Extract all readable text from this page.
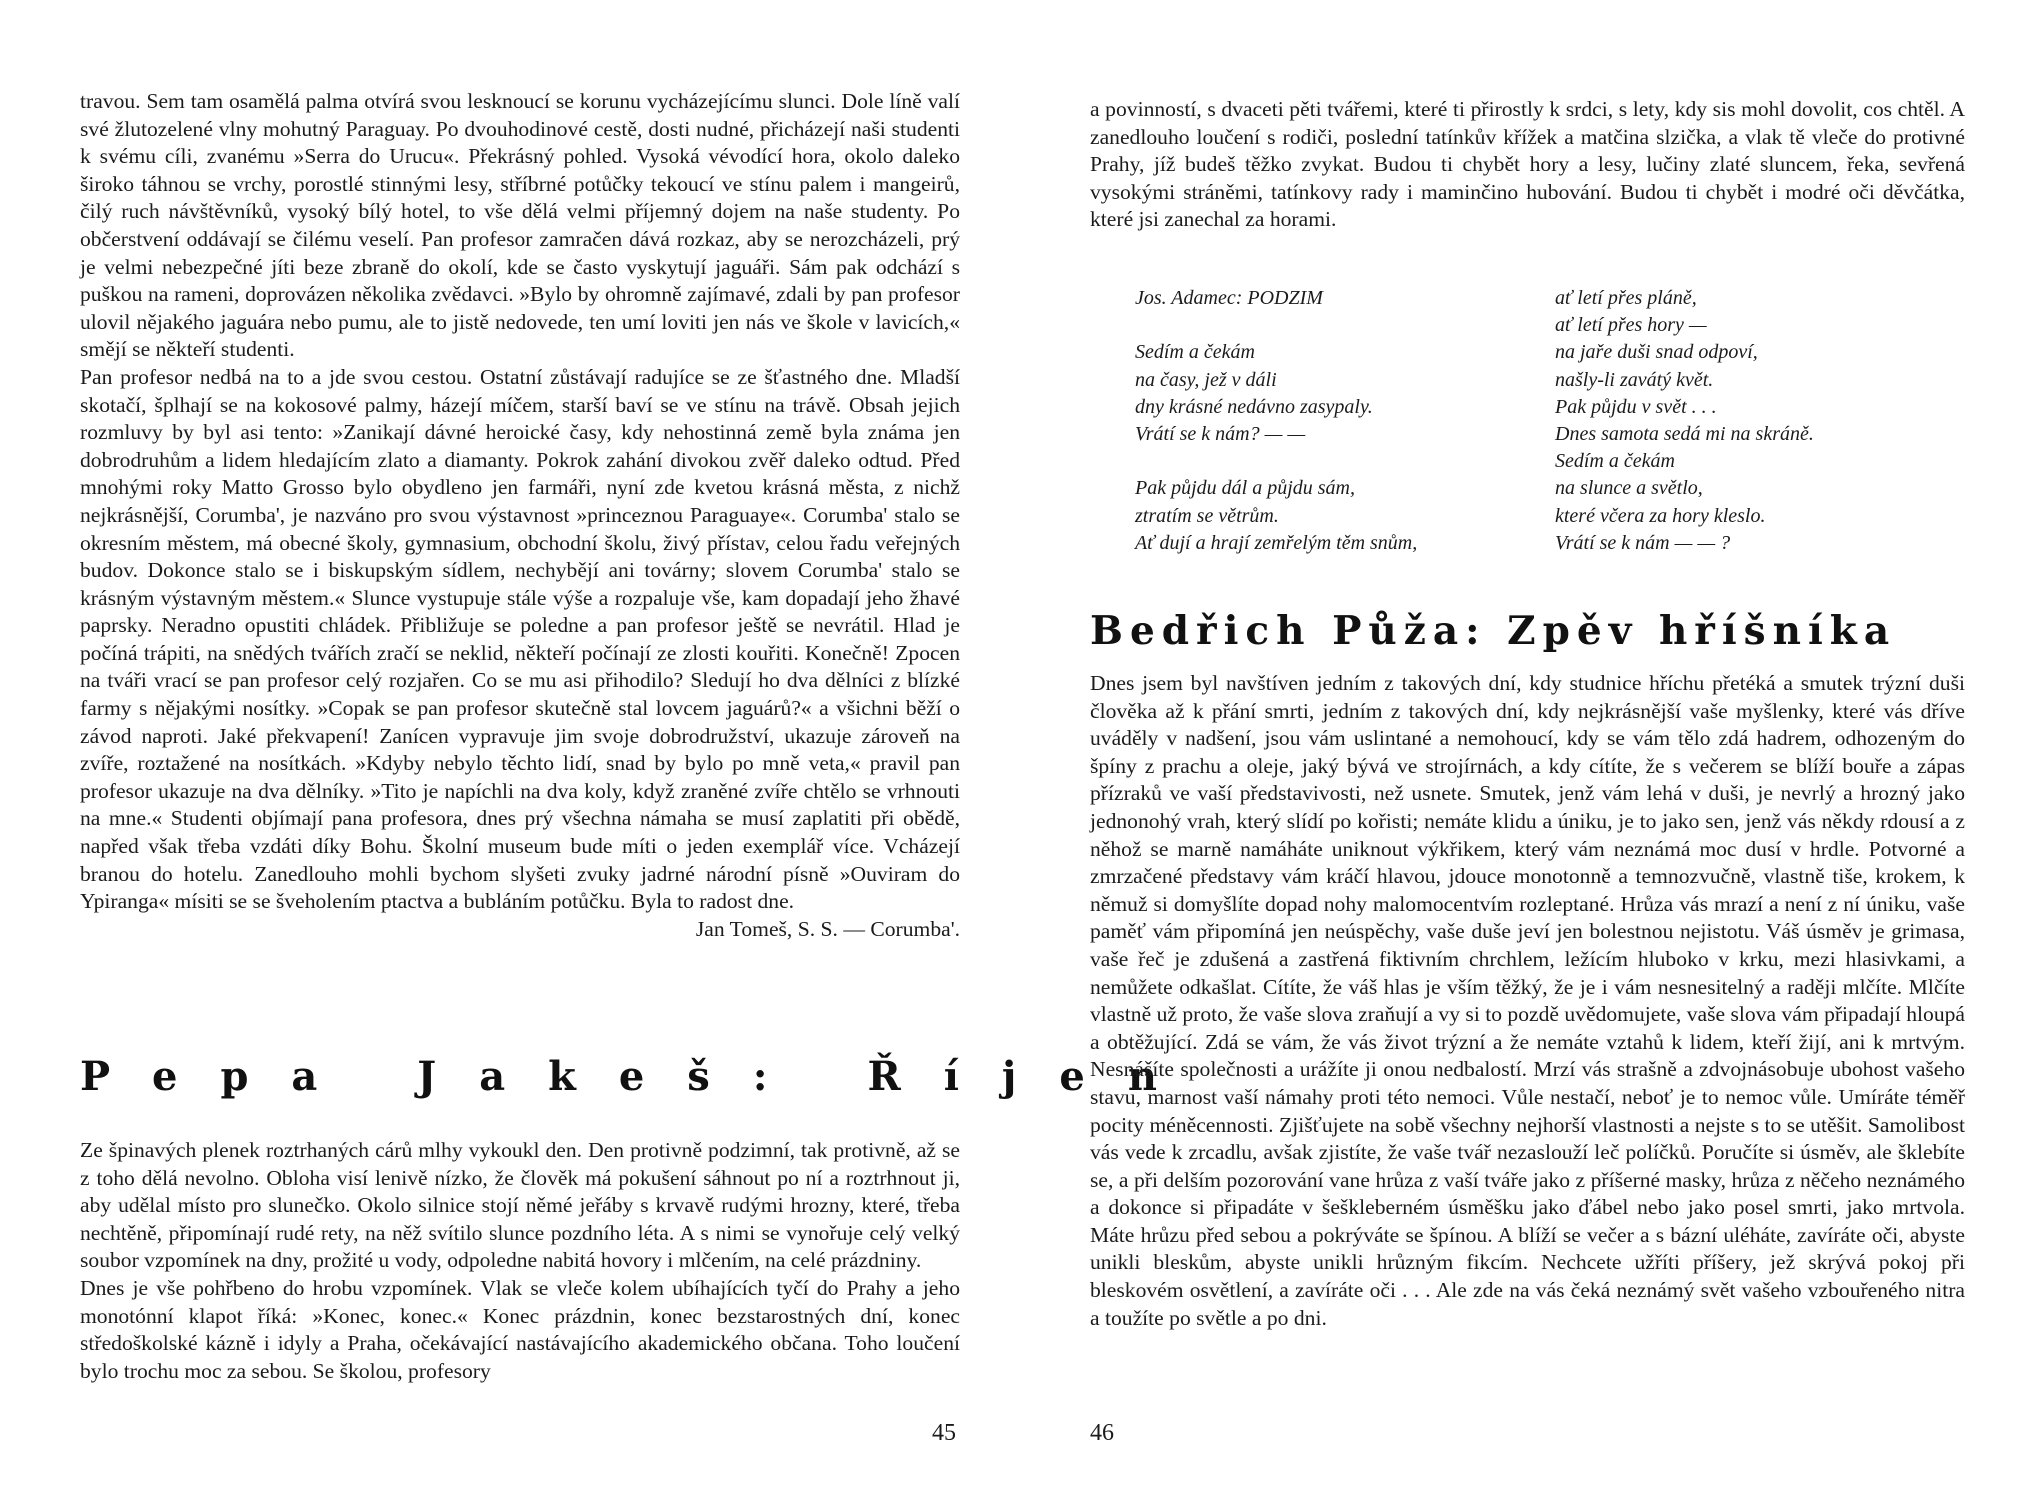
travou. Sem tam osamělá palma otvírá svou lesknoucí se korunu vycházejícímu slunci. Dole líně valí své žlutozelené vlny mohutný Paraguay. Po dvouhodinové cestě, dosti nudné, přicházejí naši studenti k svému cíli, zvanému »Serra do Urucu«. Překrásný pohled. Vysoká vévodící hora, okolo daleko široko táhnou se vrchy, porostlé stinnými lesy, stříbrné potůčky tekoucí ve stínu palem i mangeirů, čilý ruch návštěvníků, vysoký bílý hotel, to vše dělá velmi příjemný dojem na naše studenty. Po občerstvení oddávají se čilému veselí. Pan profesor zamračen dává rozkaz, aby se nerozcházeli, prý je velmi nebezpečné jíti beze zbraně do okolí, kde se často vyskytují jaguáři. Sám pak odchází s puškou na rameni, doprovázen několika zvědavci. »Bylo by ohromně zajímavé, zdali by pan profesor ulovil nějakého jaguára nebo pumu, ale to jistě nedovede, ten umí loviti jen nás ve škole v lavicích,« smějí se někteří studenti.

Pan profesor nedbá na to a jde svou cestou. Ostatní zůstávají radujíce se ze šťastného dne. Mladší skotačí, šplhají se na kokosové palmy, házejí míčem, starší baví se ve stínu na trávě. Obsah jejich rozmluvy by byl asi tento: »Zanikají dávné heroické časy, kdy nehostinná země byla známa jen dobrodruhům a lidem hledajícím zlato a diamanty. Pokrok zahání divokou zvěř daleko odtud. Před mnohými roky Matto Grosso bylo obydleno jen farmáři, nyní zde kvetou krásná města, z nichž nejkrásnější, Corumba', je nazváno pro svou výstavnost »princeznou Paraguaye«. Corumba' stalo se okresním městem, má obecné školy, gymnasium, obchodní školu, živý přístav, celou řadu veřejných budov. Dokonce stalo se i biskupským sídlem, nechybějí ani továrny; slovem Corumba' stalo se krásným výstavným městem.« Slunce vystupuje stále výše a rozpaluje vše, kam dopadají jeho žhavé paprsky. Neradno opustiti chládek. Přibližuje se poledne a pan profesor ještě se nevrátil. Hlad je počíná trápiti, na snědých tvářích zračí se neklid, někteří počínají ze zlosti kouřiti. Konečně! Zpocen na tváři vrací se pan profesor celý rozjařen. Co se mu asi přihodilo? Sledují ho dva dělníci z blízké farmy s nějakými nosítky. »Copak se pan profesor skutečně stal lovcem jaguárů?« a všichni běží o závod naproti. Jaké překvapení! Zanícen vypravuje jim svoje dobrodružství, ukazuje zároveň na zvíře, roztažené na nosítkách. »Kdyby nebylo těchto lidí, snad by bylo po mně veta,« pravil pan profesor ukazuje na dva dělníky. »Tito je napíchli na dva koly, když zraněné zvíře chtělo se vrhnouti na mne.« Studenti objímají pana profesora, dnes prý všechna námaha se musí zaplatiti při obědě, napřed však třeba vzdáti díky Bohu. Školní museum bude míti o jeden exemplář více. Vcházejí branou do hotelu. Zanedlouho mohli bychom slyšeti zvuky jadrné národní písně »Ouviram do Ypiranga« mísiti se se šveholením ptactva a bubláním potůčku. Byla to radost dne.

Jan Tomeš, S. S. — Corumba'.
Pepa Jakeš: Říjen

Ze špinavých plenek roztrhaných cárů mlhy vykoukl den. Den protivně podzimní, tak protivně, až se z toho dělá nevolno. Obloha visí lenivě nízko, že člověk má pokušení sáhnout po ní a roztrhnout ji, aby udělal místo pro slunečko. Okolo silnice stojí němé jeřáby s krvavě rudými hrozny, které, třeba nechtěně, připomínají rudé rety, na něž svítilo slunce pozdního léta. A s nimi se vynořuje celý velký soubor vzpomínek na dny, prožité u vody, odpoledne nabitá hovory i mlčením, na celé prázdniny.

Dnes je vše pohřbeno do hrobu vzpomínek. Vlak se vleče kolem ubíhajících tyčí do Prahy a jeho monotónní klapot říká: »Konec, konec.« Konec prázdnin, konec bezstarostných dní, konec středoškolské kázně i idyly a Praha, očekávající nastávajícího akademického občana. Toho loučení bylo trochu moc za sebou. Se školou, profesory

45

a povinností, s dvaceti pěti tvářemi, které ti přirostly k srdci, s lety, kdy sis mohl dovolit, cos chtěl. A zanedlouho loučení s rodiči, poslední tatínkův křížek a matčina slzička, a vlak tě vleče do protivné Prahy, jíž budeš těžko zvykat. Budou ti chybět hory a lesy, lučiny zlaté sluncem, řeka, sevřená vysokými stráněmi, tatínkovy rady i maminčino hubování. Budou ti chybět i modré oči děvčátka, které jsi zanechal za horami.

Jos. Adamec: PODZIM
Sedím a čekám
na časy, jež v dáli
dny krásné nedávno zasypaly.
Vrátí se k nám? — —
Pak půjdu dál a půjdu sám,
ztratím se větrům.
Ať dují a hrají zemřelým těm snům,
ať letí přes pláně,
ať letí přes hory —
na jaře duši snad odpoví,
našly-li zavátý květ.
Pak půjdu v svět . . .
Dnes samota sedá mi na skráně.
Sedím a čekám
na slunce a světlo,
které včera za hory kleslo.
Vrátí se k nám — — ?
Bedřich Půža: Zpěv hříšníka

Dnes jsem byl navštíven jedním z takových dní, kdy studnice hříchu přetéká a smutek trýzní duši člověka až k přání smrti, jedním z takových dní, kdy nejkrásnější vaše myšlenky, které vás dříve uváděly v nadšení, jsou vám uslintané a nemohoucí, kdy se vám tělo zdá hadrem, odhozeným do špíny z prachu a oleje, jaký bývá ve strojírnách, a kdy cítíte, že s večerem se blíží bouře a zápas přízraků ve vaší představivosti, než usnete. Smutek, jenž vám lehá v duši, je nevrlý a hrozný jako jednonohý vrah, který slídí po kořisti; nemáte klidu a úniku, je to jako sen, jenž vás někdy rdousí a z něhož se marně namáháte uniknout výkřikem, který vám neznámá moc dusí v hrdle. Potvorné a zmrzačené představy vám kráčí hlavou, jdouce monotonně a temnozvučně, vlastně tiše, krokem, k němuž si domyšlíte dopad nohy malomocentvím rozleptané. Hrůza vás mrazí a není z ní úniku, vaše paměť vám připomíná jen neúspěchy, vaše duše jeví jen bolestnou nejistotu. Váš úsměv je grimasa, vaše řeč je zdušená a zastřená fiktivním chrchlem, ležícím hluboko v krku, mezi hlasivkami, a nemůžete odkašlat. Cítíte, že váš hlas je vším těžký, že je i vám nesnesitelný a raději mlčíte. Mlčíte vlastně už proto, že vaše slova zraňují a vy si to pozdě uvědomujete, vaše slova vám připadají hloupá a obtěžující. Zdá se vám, že vás život trýzní a že nemáte vztahů k lidem, kteří žijí, ani k mrtvým. Nesnášíte společnosti a urážíte ji onou nedbalostí. Mrzí vás strašně a zdvojnásobuje ubohost vašeho stavu, marnost vaší námahy proti této nemoci. Vůle nestačí, neboť je to nemoc vůle. Umíráte téměř pocity méněcennosti. Zjišťujete na sobě všechny nejhorší vlastnosti a nejste s to se utěšit. Samolibost vás vede k zrcadlu, avšak zjistíte, že vaše tvář nezaslouží leč políčků. Poručíte si úsměv, ale šklebíte se, a při delším pozorování vane hrůza z vaší tváře jako z příšerné masky, hrůza z něčeho neznámého a dokonce si připadáte v šeškleberném úsměšku jako ďábel nebo jako posel smrti, jako mrtvola. Máte hrůzu před sebou a pokrýváte se špínou. A blíží se večer a s bázní uléháte, zavíráte oči, abyste unikli bleskům, abyste unikli hrůzným fikcím. Nechcete užříti příšery, jež skrývá pokoj při bleskovém osvětlení, a zavíráte oči . . . Ale zde na vás čeká neznámý svět vašeho vzbouřeného nitra a toužíte po světle a po dni.

46
